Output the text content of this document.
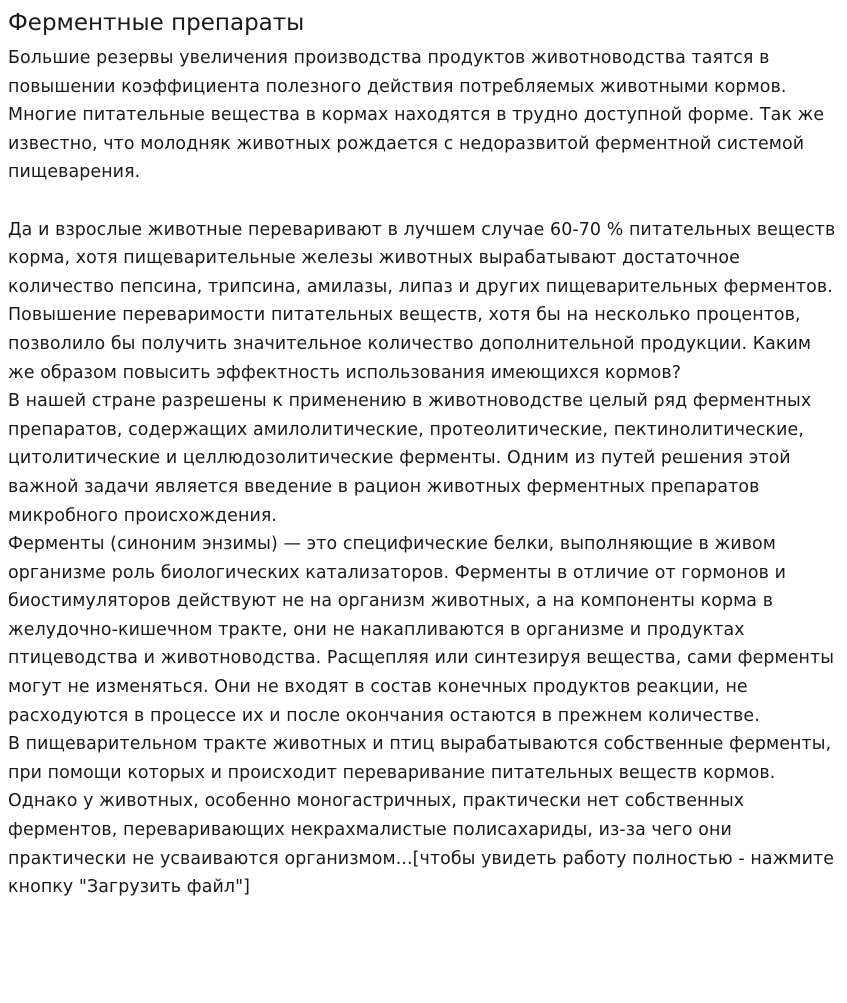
Ферментные препараты

Большие резервы увеличения производства продуктов животноводства таятся в повышении коэффициента полезного действия потребляемых животными кормов. Многие питательные вещества в кормах находятся в трудно доступной форме. Так же известно, что молодняк животных рождается с недоразвитой ферментной системой пищеварения.

Да и взрослые животные переваривают в лучшем случае 60-70 % питательных веществ корма, хотя пищеварительные железы животных вырабатывают достаточное количество пепсина, трипсина, амилазы, липаз и других пищеварительных ферментов. Повышение переваримости питательных веществ, хотя бы на несколько процентов, позволило бы получить значительное количество дополнительной продукции. Каким же образом повысить эффектность использования имеющихся кормов?

В нашей стране разрешены к применению в животноводстве целый ряд ферментных препаратов, содержащих амилолитические, протеолитические, пектинолитические, цитолитические и целлюдозолитические ферменты. Одним из путей решения этой важной задачи является введение в рацион животных ферментных препаратов микробного происхождения.

Ферменты (синоним энзимы) — это специфические белки, выполняющие в живом организме роль биологических катализаторов. Ферменты в отличие от гормонов и биостимуляторов действуют не на организм животных, а на компоненты корма в желудочно-кишечном тракте, они не накапливаются в организме и продуктах птицеводства и животноводства. Расщепляя или синтезируя вещества, сами ферменты могут не изменяться. Они не входят в состав конечных продуктов реакции, не расходуются в процессе их и после окончания остаются в прежнем количестве.

В пищеварительном тракте животных и птиц вырабатываются собственные ферменты, при помощи которых и происходит переваривание питательных веществ кормов. Однако у животных, особенно моногастричных, практически нет собственных ферментов, переваривающих некрахмалистые полисахариды, из-за чего они практически не усваиваются организмом...[чтобы увидеть работу полностью - нажмите кнопку "Загрузить файл"]
